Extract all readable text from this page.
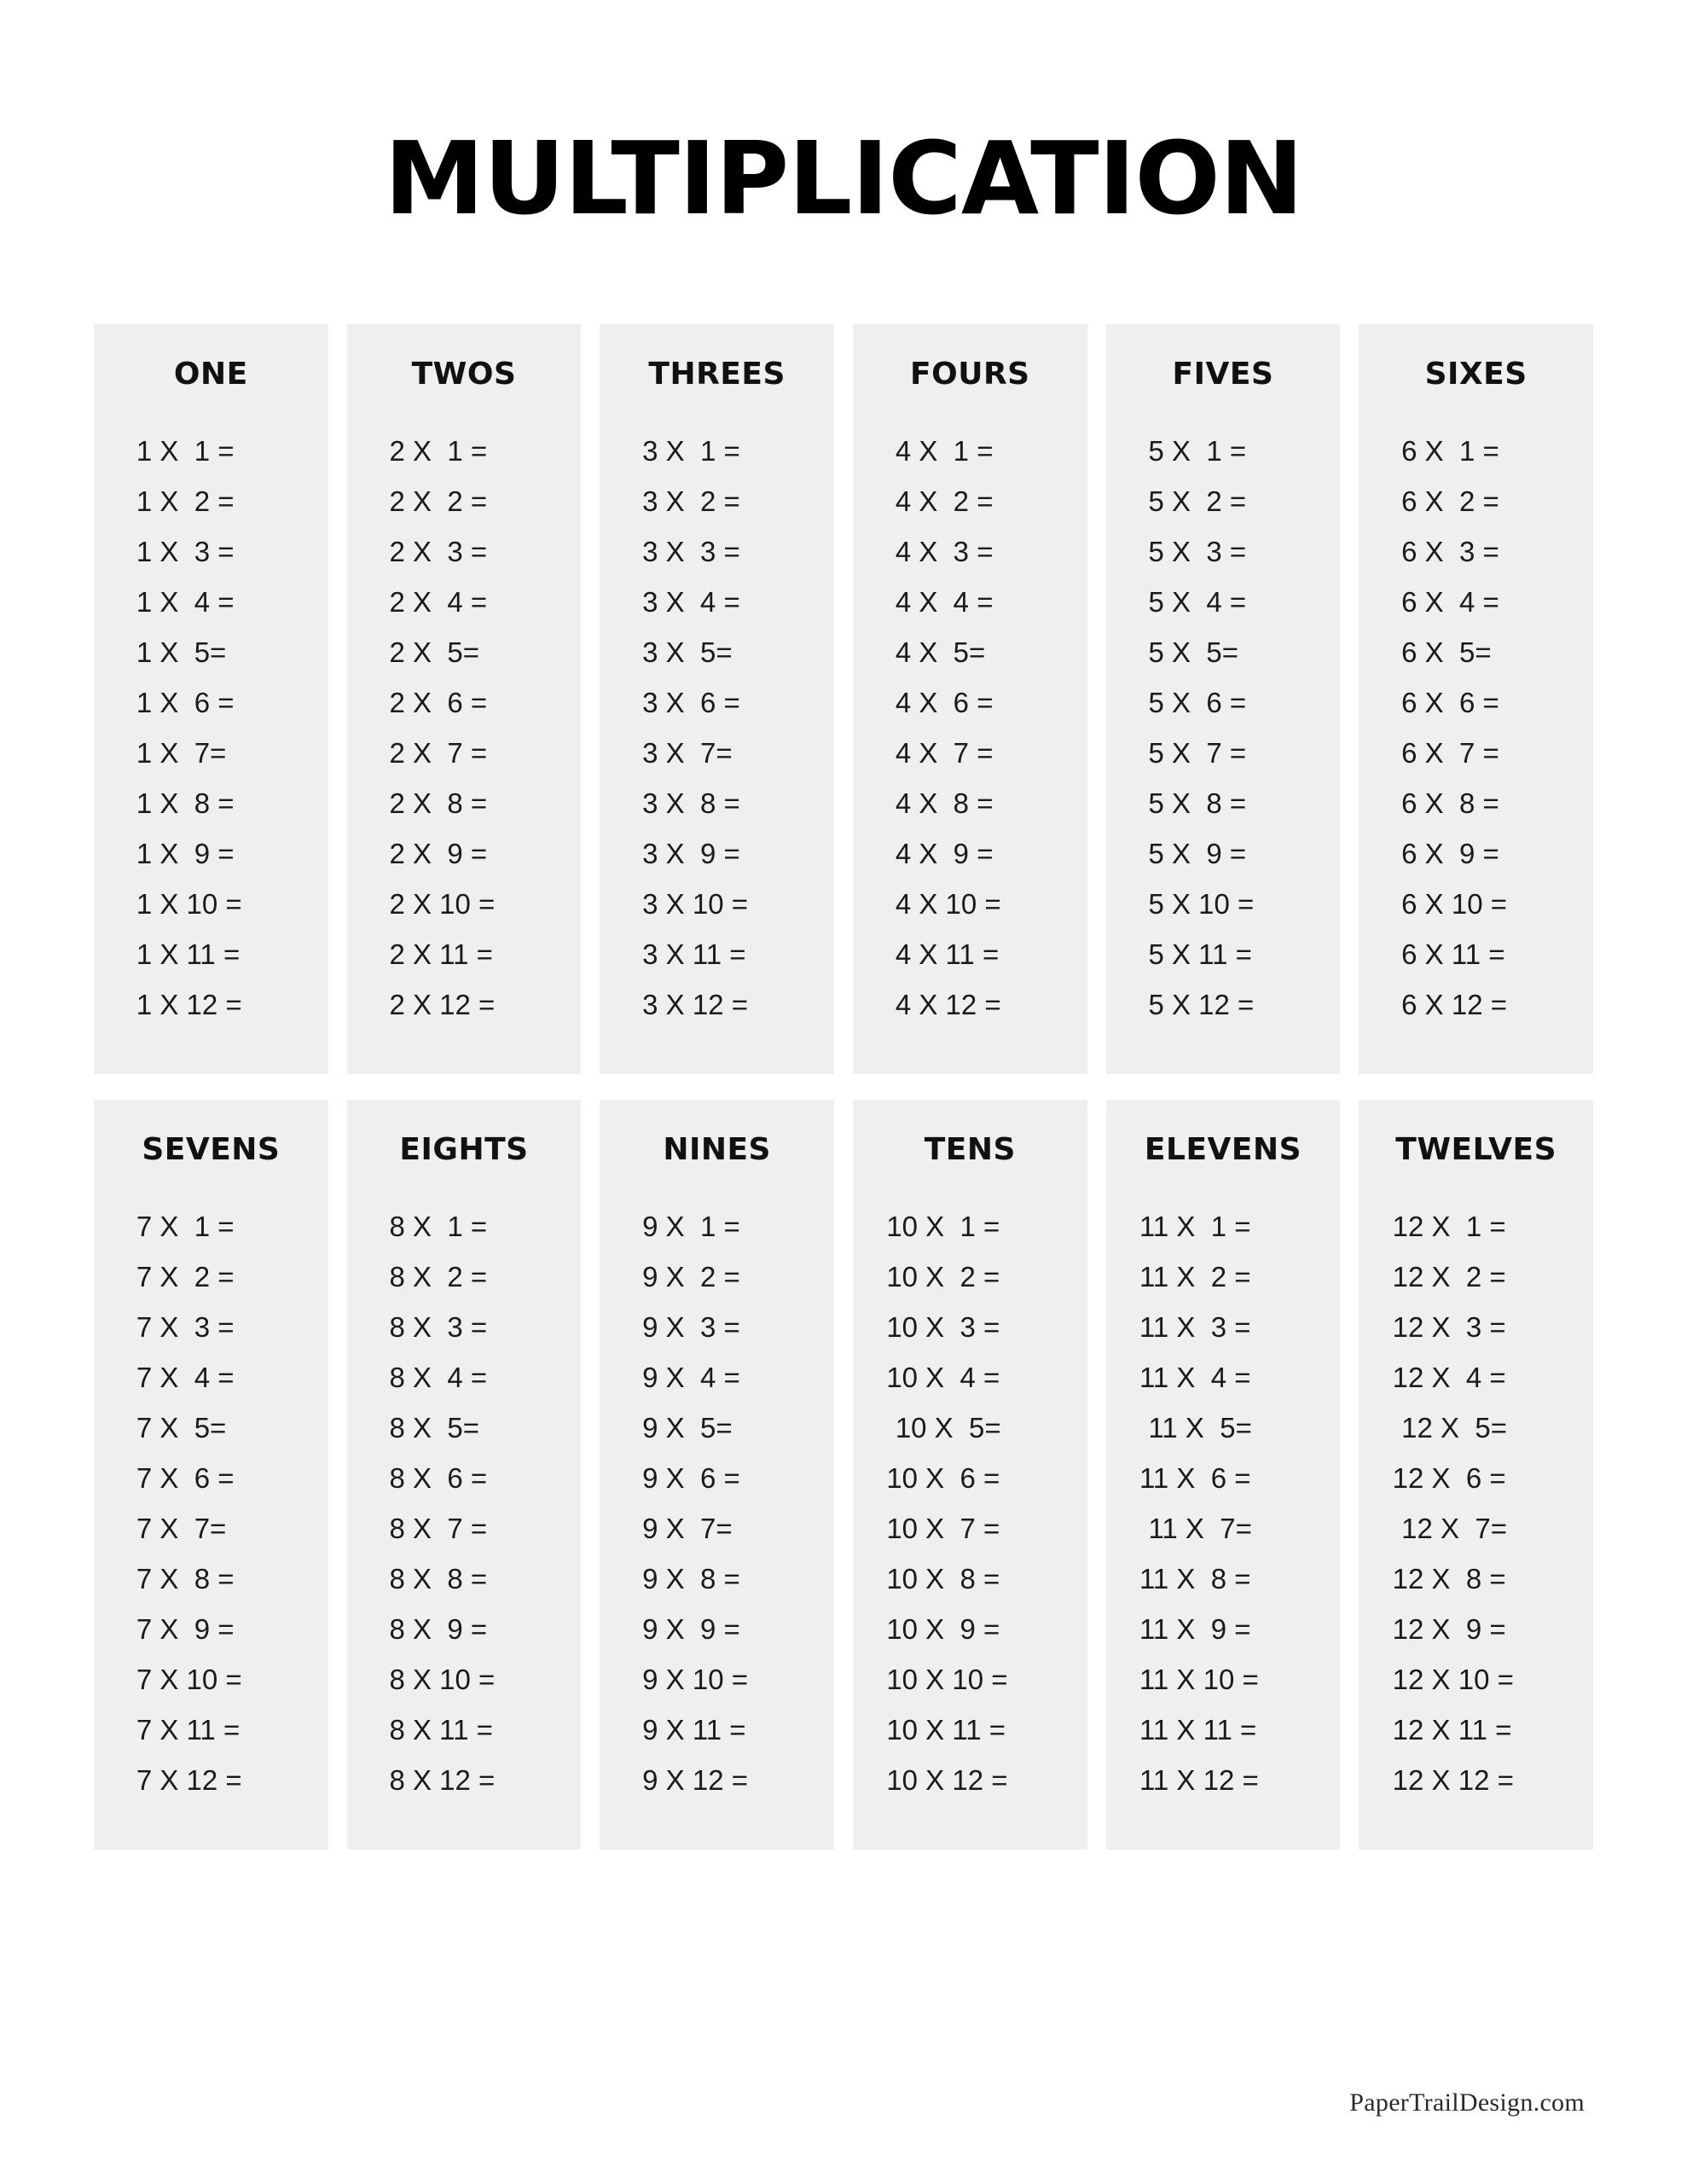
MULTIPLICATION
ONE
1 X  1 =
1 X  2 =
1 X  3 =
1 X  4 =
1 X  5=
1 X  6 =
1 X  7=
1 X  8 =
1 X  9 =
1 X 10 =
1 X 11 =
1 X 12 =
TWOS
2 X  1 =
2 X  2 =
2 X  3 =
2 X  4 =
2 X  5=
2 X  6 =
2 X  7 =
2 X  8 =
2 X  9 =
2 X 10 =
2 X 11 =
2 X 12 =
THREES
3 X  1 =
3 X  2 =
3 X  3 =
3 X  4 =
3 X  5=
3 X  6 =
3 X  7=
3 X  8 =
3 X  9 =
3 X 10 =
3 X 11 =
3 X 12 =
FOURS
4 X  1 =
4 X  2 =
4 X  3 =
4 X  4 =
4 X  5=
4 X  6 =
4 X  7 =
4 X  8 =
4 X  9 =
4 X 10 =
4 X 11 =
4 X 12 =
FIVES
5 X  1 =
5 X  2 =
5 X  3 =
5 X  4 =
5 X  5=
5 X  6 =
5 X  7 =
5 X  8 =
5 X  9 =
5 X 10 =
5 X 11 =
5 X 12 =
SIXES
6 X  1 =
6 X  2 =
6 X  3 =
6 X  4 =
6 X  5=
6 X  6 =
6 X  7 =
6 X  8 =
6 X  9 =
6 X 10 =
6 X 11 =
6 X 12 =
SEVENS
7 X  1 =
7 X  2 =
7 X  3 =
7 X  4 =
7 X  5=
7 X  6 =
7 X  7=
7 X  8 =
7 X  9 =
7 X 10 =
7 X 11 =
7 X 12 =
EIGHTS
8 X  1 =
8 X  2 =
8 X  3 =
8 X  4 =
8 X  5=
8 X  6 =
8 X  7 =
8 X  8 =
8 X  9 =
8 X 10 =
8 X 11 =
8 X 12 =
NINES
9 X  1 =
9 X  2 =
9 X  3 =
9 X  4 =
9 X  5=
9 X  6 =
9 X  7=
9 X  8 =
9 X  9 =
9 X 10 =
9 X 11 =
9 X 12 =
TENS
10 X  1 =
10 X  2 =
10 X  3 =
10 X  4 =
10 X  5=
10 X  6 =
10 X  7 =
10 X  8 =
10 X  9 =
10 X 10 =
10 X 11 =
10 X 12 =
ELEVENS
11 X  1 =
11 X  2 =
11 X  3 =
11 X  4 =
11 X  5=
11 X  6 =
11 X  7=
11 X  8 =
11 X  9 =
11 X 10 =
11 X 11 =
11 X 12 =
TWELVES
12 X  1 =
12 X  2 =
12 X  3 =
12 X  4 =
12 X  5=
12 X  6 =
12 X  7=
12 X  8 =
12 X  9 =
12 X 10 =
12 X 11 =
12 X 12 =
PaperTrailDesign.com
